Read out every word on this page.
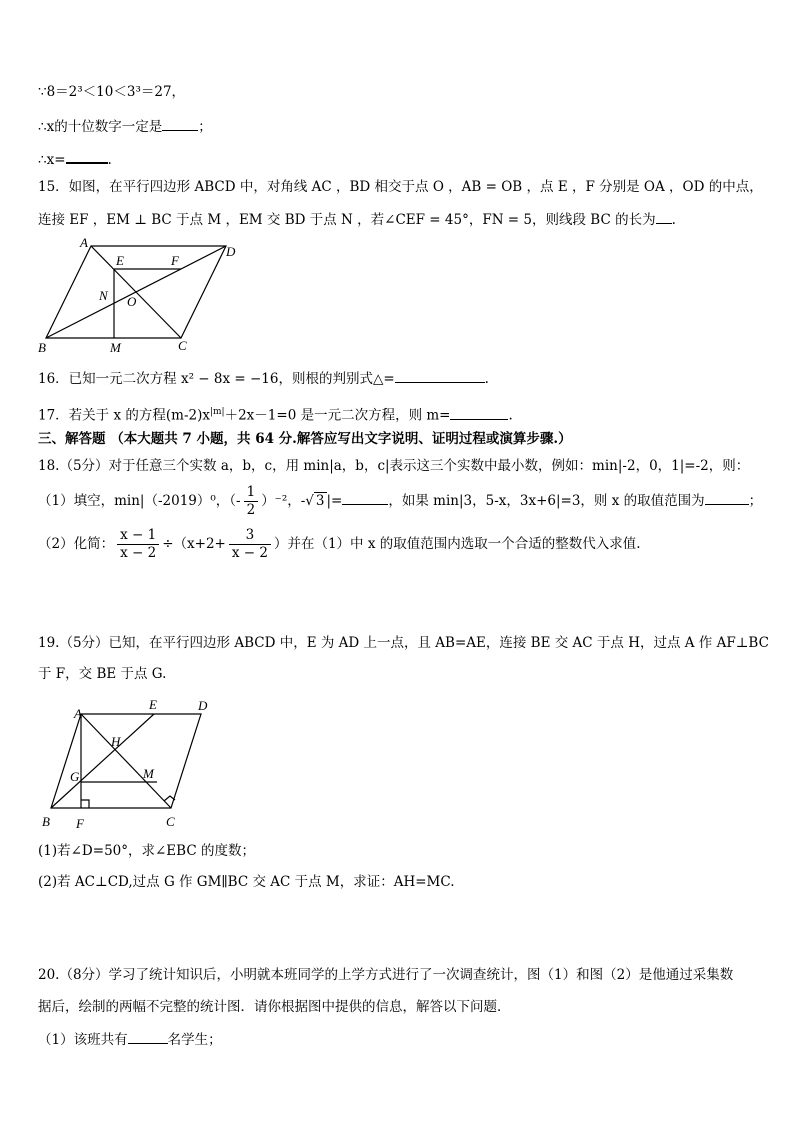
∵8＝2³＜10＜3³＝27，
∴x的十位数字一定是	；
∴x=	.
15．如图，在平行四边形 ABCD 中，对角线 AC ，BD 相交于点 O ，AB = OB ，点 E ，F 分别是 OA ，OD 的中点，
连接 EF ，EM ⊥ BC 于点 M ，EM 交 BD 于点 N ，若∠CEF = 45°，FN = 5，则线段 BC 的长为 .
A
E	F
D
N O
B	M	C
16．已知一元二次方程 x² − 8x = −16，则根的判别式△=	.
17．若关于 x 的方程$(m-2)x^{|m|}+2x-1=0$ 是一元二次方程，则 m=	.
三、解答题 （本大题共 7 小题，共 64 分.解答应写出文字说明、证明过程或演算步骤.）
18.（5分）对于任意三个实数 a，b，c，用 min|a，b，c|表示这三个实数中最小数，例如：min|-2，0，1|=-2，则：
（1）填空，min|（-2019）⁰，（- $\frac{1}{2} )^{-2}$，-√ 3 |=	，如果 min|3，5-x，3x+6|=3，则 x 的取值范围为	；
（2）化简： $\frac{x - 1}{x - 2} \div(x+2+ \frac{3}{x - 2}$ ）并在（1）中 x 的取值范围内选取一个合适的整数代入求值.
19.（5分）已知，在平行四边形 ABCD 中，E 为 AD 上一点，且 AB=AE，连接 BE 交 AC 于点 H，过点 A 作 AF⊥BC
于 F，交 BE 于点 G.
A
E	D
H
G	M
B F	C
(1)若∠D=50°，求∠EBC 的度数；
(2)若 AC⊥CD,过点 G 作 GM∥BC 交 AC 于点 M，求证：AH=MC.
20.（8分）学习了统计知识后，小明就本班同学的上学方式进行了一次调查统计，图（1）和图（2）是他通过采集数
据后，绘制的两幅不完整的统计图．请你根据图中提供的信息，解答以下问题．
（1）该班共有	名学生；
